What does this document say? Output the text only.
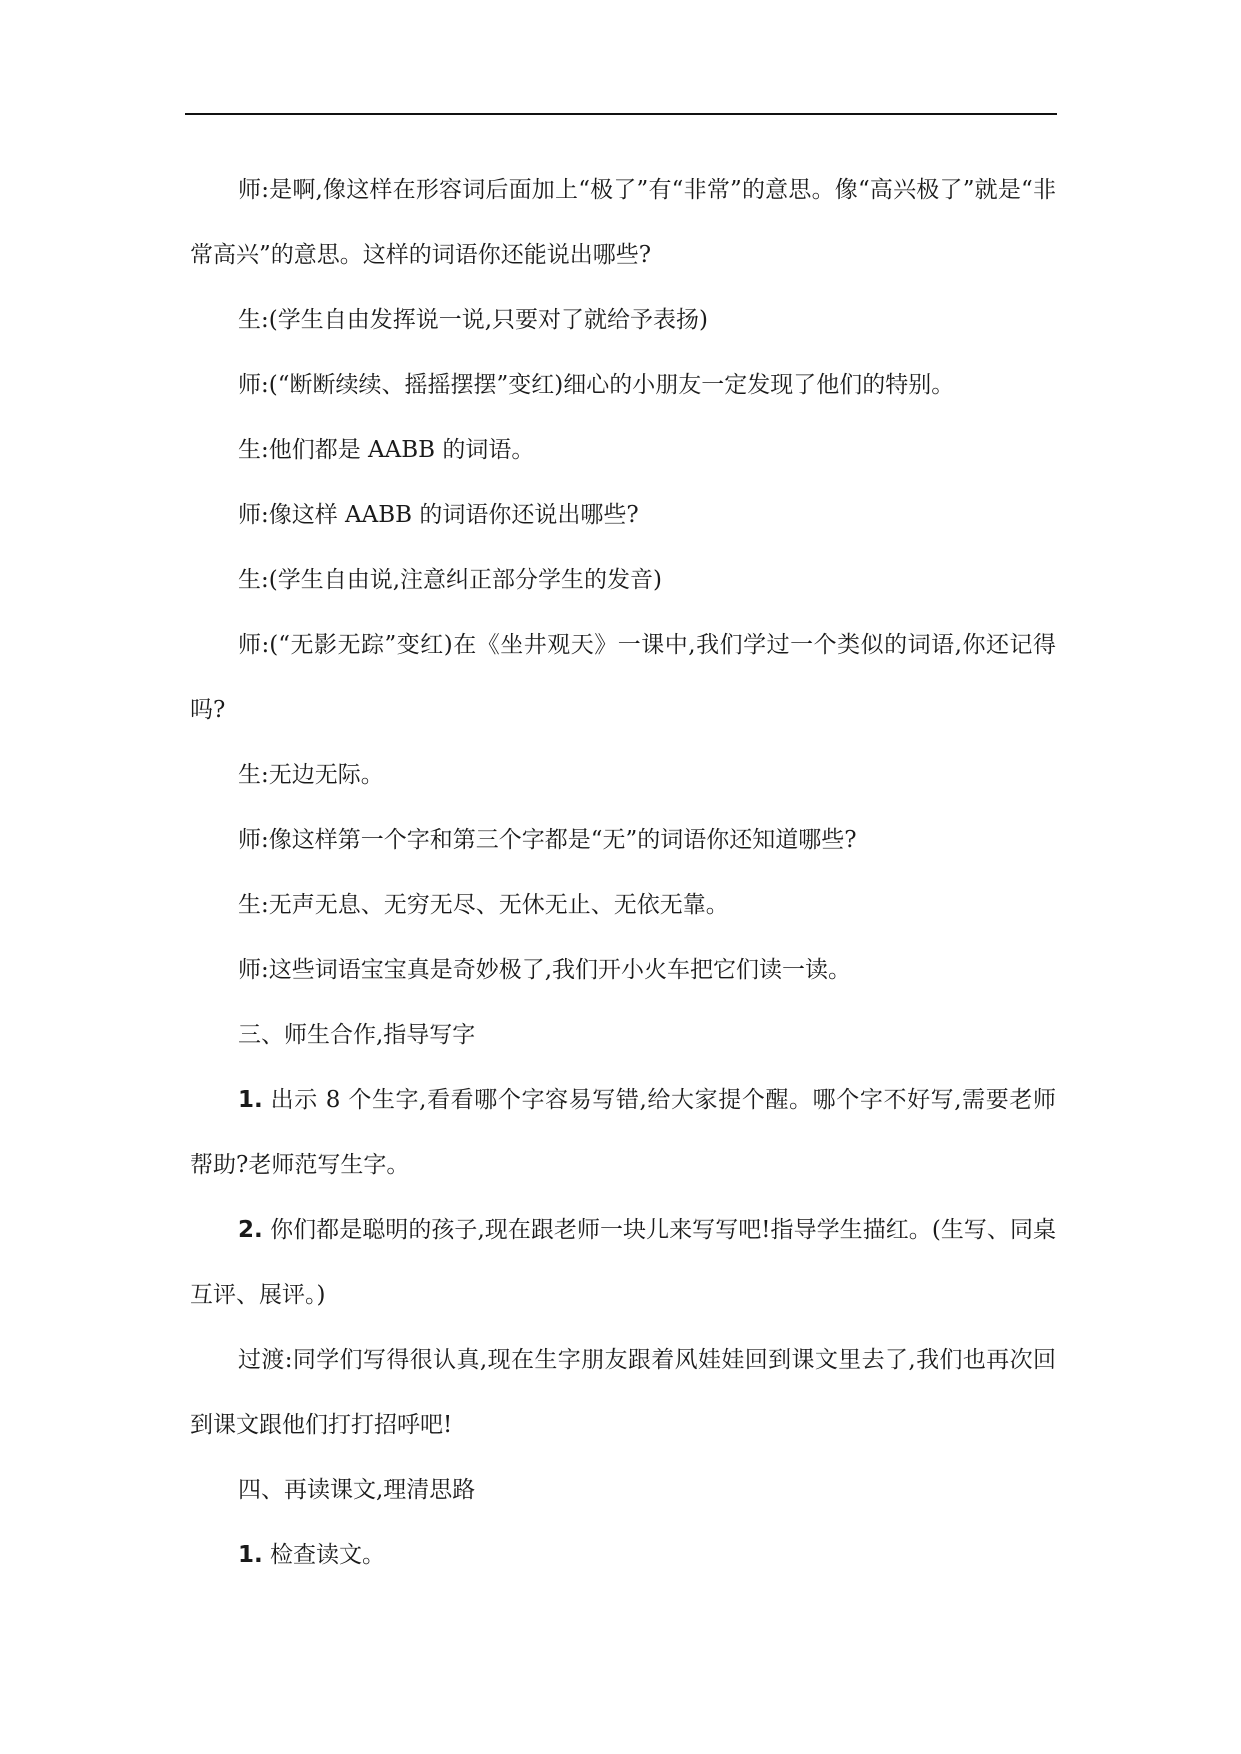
师:是啊,像这样在形容词后面加上“极了”有“非常”的意思。像“高兴极了”就是“非常高兴”的意思。这样的词语你还能说出哪些?

生:(学生自由发挥说一说,只要对了就给予表扬)

师:(“断断续续、摇摇摆摆”变红)细心的小朋友一定发现了他们的特别。

生:他们都是 AABB 的词语。

师:像这样 AABB 的词语你还说出哪些?

生:(学生自由说,注意纠正部分学生的发音)

师:(“无影无踪”变红)在《坐井观天》一课中,我们学过一个类似的词语,你还记得吗?

生:无边无际。

师:像这样第一个字和第三个字都是“无”的词语你还知道哪些?

生:无声无息、无穷无尽、无休无止、无依无靠。

师:这些词语宝宝真是奇妙极了,我们开小火车把它们读一读。

三、师生合作,指导写字

1. 出示 8 个生字,看看哪个字容易写错,给大家提个醒。哪个字不好写,需要老师帮助?老师范写生字。

2. 你们都是聪明的孩子,现在跟老师一块儿来写写吧!指导学生描红。(生写、同桌互评、展评。)

过渡:同学们写得很认真,现在生字朋友跟着风娃娃回到课文里去了,我们也再次回到课文跟他们打打招呼吧!

四、再读课文,理清思路

1. 检查读文。
